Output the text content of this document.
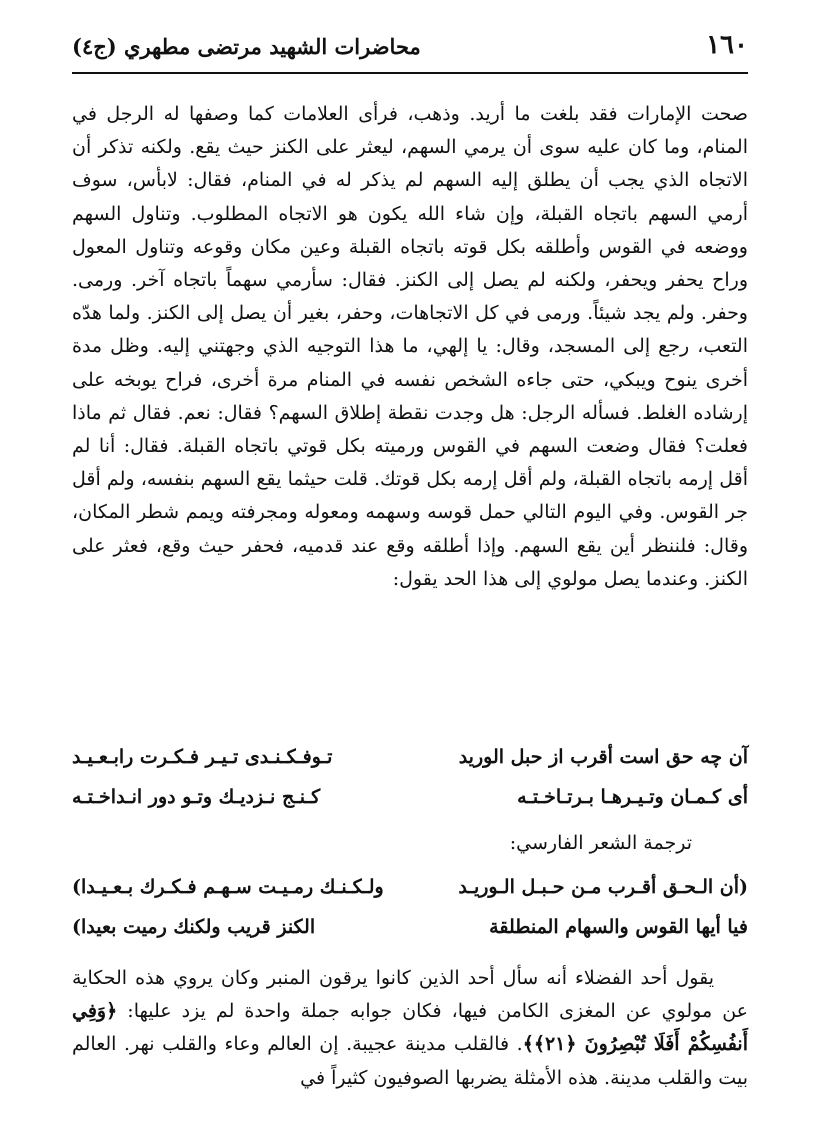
١٦٠
محاضرات الشهيد مرتضى مطهري (ج٤)
صحت الإمارات فقد بلغت ما أريد. وذهب، فرأى العلامات كما وصفها له الرجل في المنام، وما كان عليه سوى أن يرمي السهم، ليعثر على الكنز حيث يقع. ولكنه تذكر أن الاتجاه الذي يجب أن يطلق إليه السهم لم يذكر له في المنام، فقال: لابأس، سوف أرمي السهم باتجاه القبلة، وإن شاء الله يكون هو الاتجاه المطلوب. وتناول السهم ووضعه في القوس وأطلقه بكل قوته باتجاه القبلة وعين مكان وقوعه وتناول المعول وراح يحفر ويحفر، ولكنه لم يصل إلى الكنز. فقال: سأرمي سهماً باتجاه آخر. ورمى. وحفر. ولم يجد شيئاً. ورمى في كل الاتجاهات، وحفر، بغير أن يصل إلى الكنز. ولما هدّه التعب، رجع إلى المسجد، وقال: يا إلهي، ما هذا التوجيه الذي وجهتني إليه. وظل مدة أخرى ينوح ويبكي، حتى جاءه الشخص نفسه في المنام مرة أخرى، فراح يوبخه على إرشاده الغلط. فسأله الرجل: هل وجدت نقطة إطلاق السهم؟ فقال: نعم. فقال ثم ماذا فعلت؟ فقال وضعت السهم في القوس ورميته بكل قوتي باتجاه القبلة. فقال: أنا لم أقل إرمه باتجاه القبلة، ولم أقل إرمه بكل قوتك. قلت حيثما يقع السهم بنفسه، ولم أقل جر القوس. وفي اليوم التالي حمل قوسه وسهمه ومعوله ومجرفته ويمم شطر المكان، وقال: فلننظر أين يقع السهم. وإذا أطلقه وقع عند قدميه، فحفر حيث وقع، فعثر على الكنز. وعندما يصل مولوي إلى هذا الحد يقول:
آن چه حق است أقرب از حبل الوريد
تـوفـكـنـدى تـيـر فـكـرت رابـعـيـد
أى كـمـان وتـيـرهـا بـرتـاخـتـه
كـنـج نـزديـك وتـو دور انـداخـتـه
ترجمة الشعر الفارسي:
(أن الـحـق أقـرب مـن حـبـل الـوريـد
ولـكـنـك رمـيـت سـهـم فـكـرك بـعـيـدا)
فيا أيها القوس والسهام المنطلقة
الكنز قريب ولكنك رميت بعيدا)
يقول أحد الفضلاء أنه سأل أحد الذين كانوا يرقون المنبر وكان يروي هذه الحكاية عن مولوي عن المغزى الكامن فيها، فكان جوابه جملة واحدة لم يزد عليها: ﴿وَفِي أَنفُسِكُمْ أَفَلَا تُبْصِرُونَ ﴿٢١﴾﴾. فالقلب مدينة عجيبة. إن العالم وعاء والقلب نهر. العالم بيت والقلب مدينة. هذه الأمثلة يضربها الصوفيون كثيراً في
